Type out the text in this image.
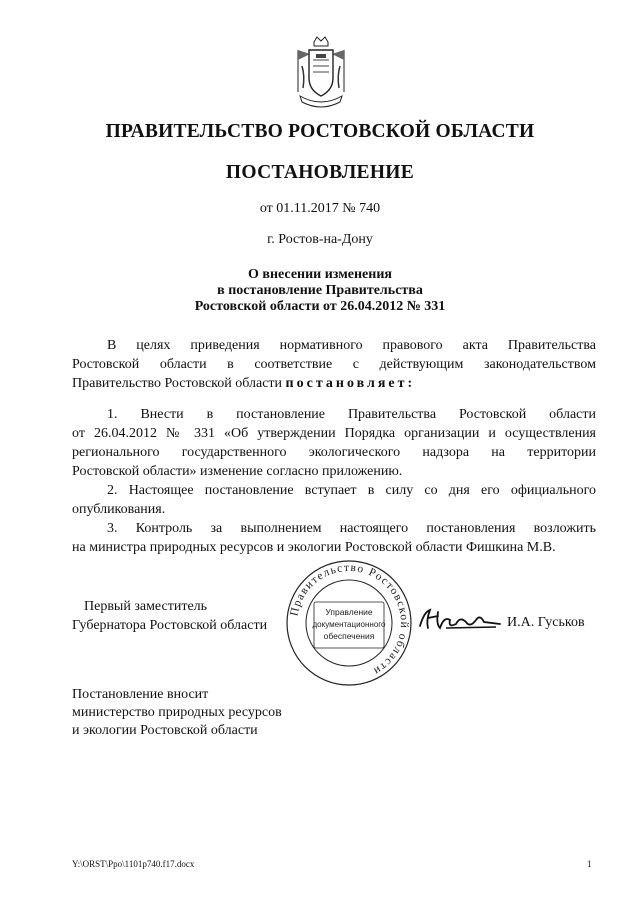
ПРАВИТЕЛЬСТВО РОСТОВСКОЙ ОБЛАСТИ
ПОСТАНОВЛЕНИЕ
от 01.11.2017 № 740
г. Ростов-на-Дону
О внесении изменения
в постановление Правительства
Ростовской области от 26.04.2012 № 331
В целях приведения нормативного правового акта Правительства
Ростовской области в соответствие с действующим законодательством
Правительство Ростовской области постановляет:
1. Внести в постановление Правительства Ростовской области
от 26.04.2012 № 331 «Об утверждении Порядка организации и осуществления
регионального государственного экологического надзора на территории
Ростовской области» изменение согласно приложению.
2. Настоящее постановление вступает в силу со дня его официального
опубликования.
3. Контроль за выполнением настоящего постановления возложить
на министра природных ресурсов и экологии Ростовской области Фишкина М.В.
Первый заместитель
Губернатора Ростовской области
Правительство Ростовской области
Управление
документационного
обеспечения
И.А. Гуськов
Постановление вносит
министерство природных ресурсов
и экологии Ростовской области
Y:\ORST\Ppo\1101p740.f17.docx	1
